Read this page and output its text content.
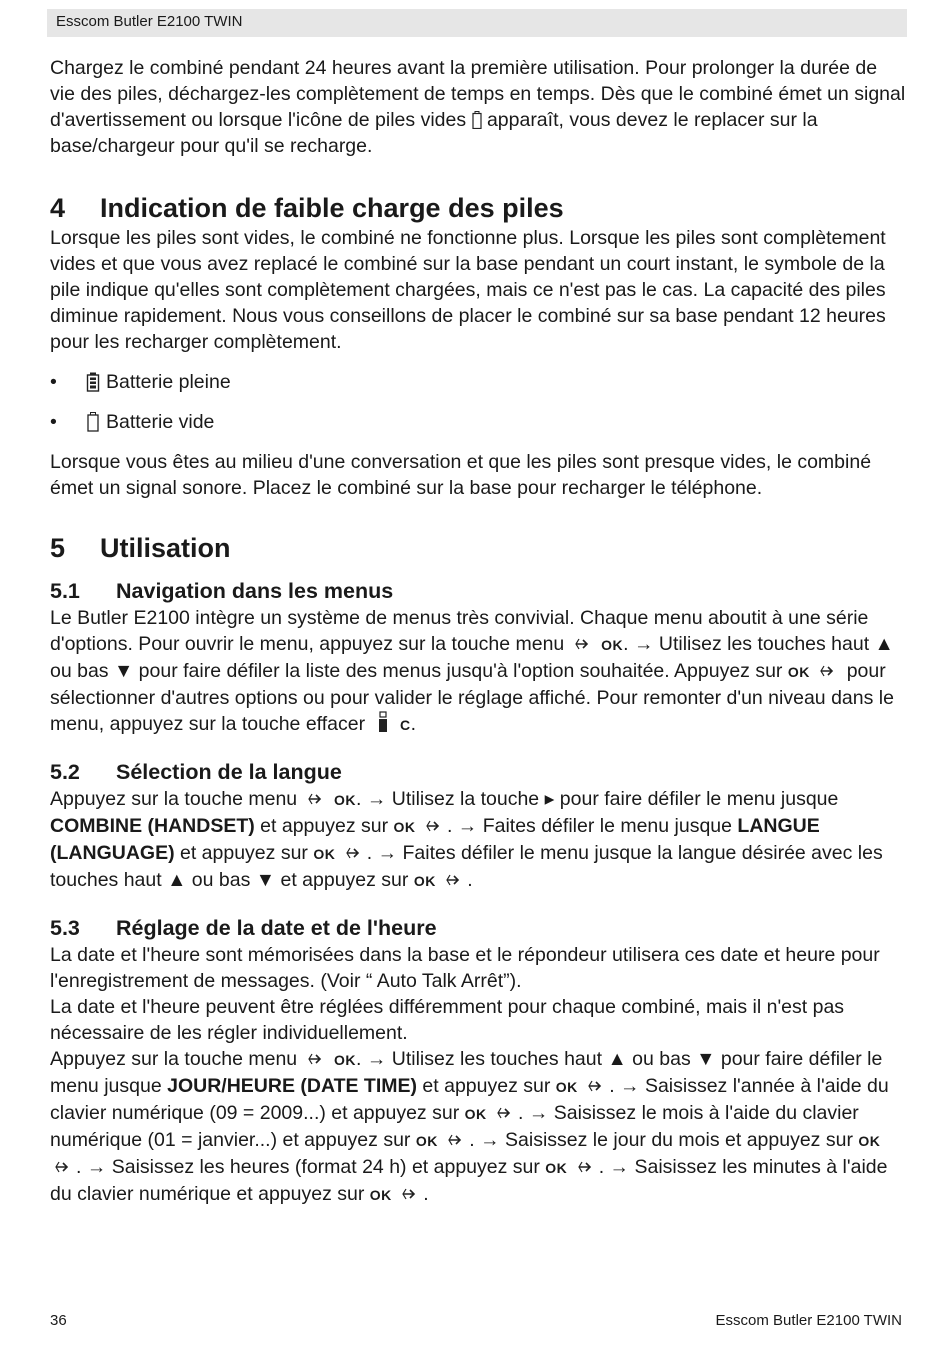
Esscom Butler E2100 TWIN

Chargez le combiné pendant 24 heures avant la première utilisation. Pour prolonger la durée de vie des piles, déchargez-les complètement de temps en temps. Dès que le combiné émet un signal d'avertissement ou lorsque l'icône de piles vides apparaît, vous devez le replacer sur la base/chargeur pour qu'il se recharge.

4 Indication de faible charge des piles

Lorsque les piles sont vides, le combiné ne fonctionne plus. Lorsque les piles sont complètement vides et que vous avez replacé le combiné sur la base pendant un court instant, le symbole de la pile indique qu'elles sont complètement chargées, mais ce n'est pas le cas. La capacité des piles diminue rapidement. Nous vous conseillons de placer le combiné sur sa base pendant 12 heures pour les recharger complètement.

•	Batterie pleine
•	Batterie vide

Lorsque vous êtes au milieu d'une conversation et que les piles sont presque vides, le combiné émet un signal sonore. Placez le combiné sur la base pour recharger le téléphone.

5 Utilisation
5.1 Navigation dans les menus

Le Butler E2100 intègre un système de menus très convivial. Chaque menu aboutit à une série d'options. Pour ouvrir le menu, appuyez sur la touche menu	OK. → Utilisez les touches haut ▲ ou bas ▼ pour faire défiler la liste des menus jusqu'à l'option souhaitée. Appuyez sur OK pour sélectionner d'autres options ou pour valider le réglage affiché. Pour remonter d'un niveau dans le menu, appuyez sur la touche effacer C.

5.2 Sélection de la langue

Appuyez sur la touche menu	OK. → Utilisez la touche ▸ pour faire défiler le menu jusque COMBINE (HANDSET) et appuyez sur OK . → Faites défiler le menu jusque LANGUE (LANGUAGE) et appuyez sur OK . → Faites défiler le menu jusque la langue désirée avec les touches haut ▲ ou bas ▼ et appuyez sur OK .

5.3 Réglage de la date et de l'heure

La date et l'heure sont mémorisées dans la base et le répondeur utilisera ces date et heure pour l'enregistrement de messages. (Voir “ Auto Talk Arrêt”).

La date et l'heure peuvent être réglées différemment pour chaque combiné, mais il n'est pas nécessaire de les régler individuellement.

Appuyez sur la touche menu	OK. → Utilisez les touches haut ▲ ou bas ▼ pour faire défiler le menu jusque JOUR/HEURE (DATE TIME) et appuyez sur OK . → Saisissez l'année à l'aide du clavier numérique (09 = 2009...) et appuyez sur OK . → Saisissez le mois à l'aide du clavier numérique (01 = janvier...) et appuyez sur OK . → Saisissez le jour du mois et appuyez sur OK . → Saisissez les heures (format 24 h) et appuyez sur OK . → Saisissez les minutes à l'aide du clavier numérique et appuyez sur OK .

36	Esscom Butler E2100 TWIN
